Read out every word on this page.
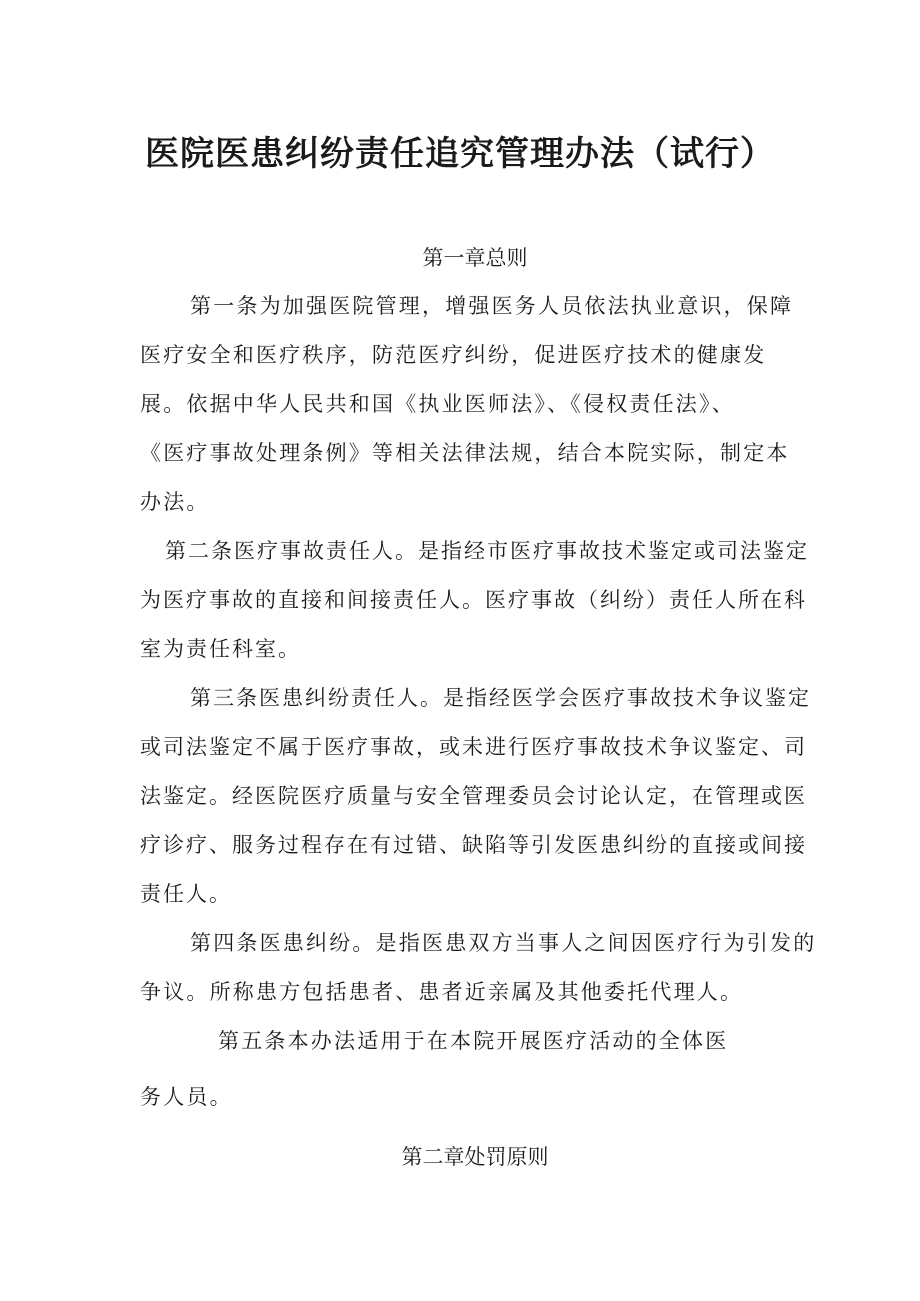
医院医患纠纷责任追究管理办法（试行）

第一章总则

第一条为加强医院管理，增强医务人员依法执业意识，保障

医疗安全和医疗秩序，防范医疗纠纷，促进医疗技术的健康发

展。依据中华人民共和国《执业医师法》、《侵权责任法》、

《医疗事故处理条例》等相关法律法规，结合本院实际，制定本

办法。

第二条医疗事故责任人。是指经市医疗事故技术鉴定或司法鉴定

为医疗事故的直接和间接责任人。医疗事故（纠纷）责任人所在科

室为责任科室。

第三条医患纠纷责任人。是指经医学会医疗事故技术争议鉴定

或司法鉴定不属于医疗事故，或未进行医疗事故技术争议鉴定、司

法鉴定。经医院医疗质量与安全管理委员会讨论认定，在管理或医

疗诊疗、服务过程存在有过错、缺陷等引发医患纠纷的直接或间接

责任人。

第四条医患纠纷。是指医患双方当事人之间因医疗行为引发的

争议。所称患方包括患者、患者近亲属及其他委托代理人。

第五条本办法适用于在本院开展医疗活动的全体医

务人员。

第二章处罚原则
